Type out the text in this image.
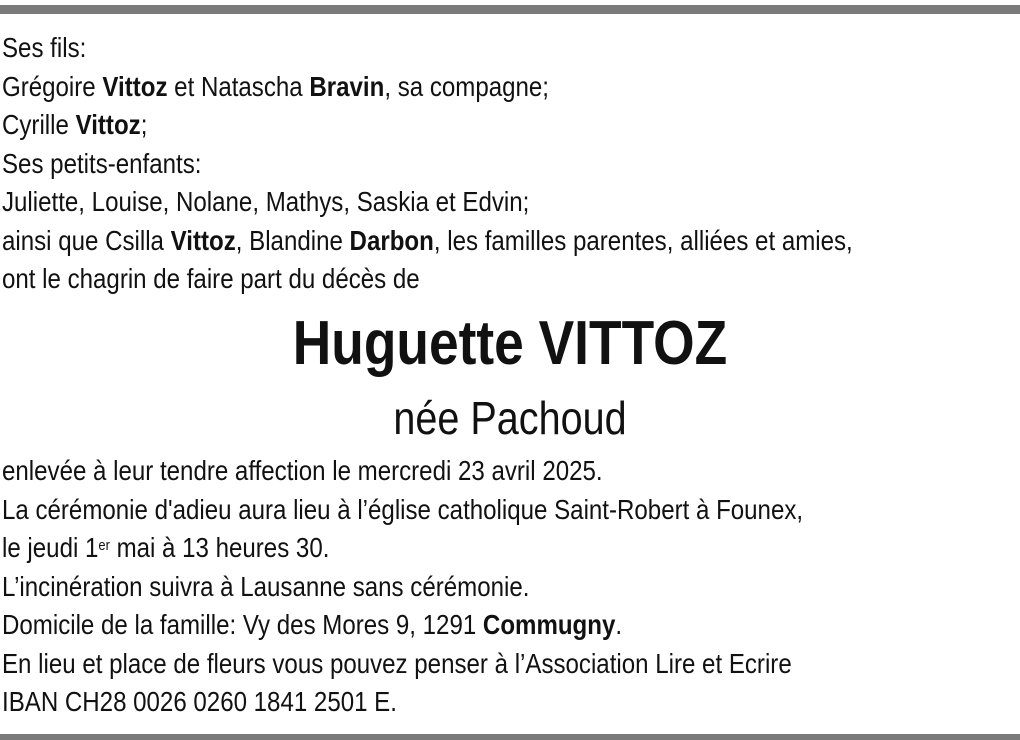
Ses fils:
Grégoire Vittoz et Natascha Bravin, sa compagne;
Cyrille Vittoz;
Ses petits-enfants:
Juliette, Louise, Nolane, Mathys, Saskia et Edvin;
ainsi que Csilla Vittoz, Blandine Darbon, les familles parentes, alliées et amies,
ont le chagrin de faire part du décès de
Huguette VITTOZ
née Pachoud
enlevée à leur tendre affection le mercredi 23 avril 2025.
La cérémonie d'adieu aura lieu à l’église catholique Saint-Robert à Founex,
le jeudi 1er mai à 13 heures 30.
L’incinération suivra à Lausanne sans cérémonie.
Domicile de la famille: Vy des Mores 9, 1291 Commugny.
En lieu et place de fleurs vous pouvez penser à l’Association Lire et Ecrire
IBAN CH28 0026 0260 1841 2501 E.
